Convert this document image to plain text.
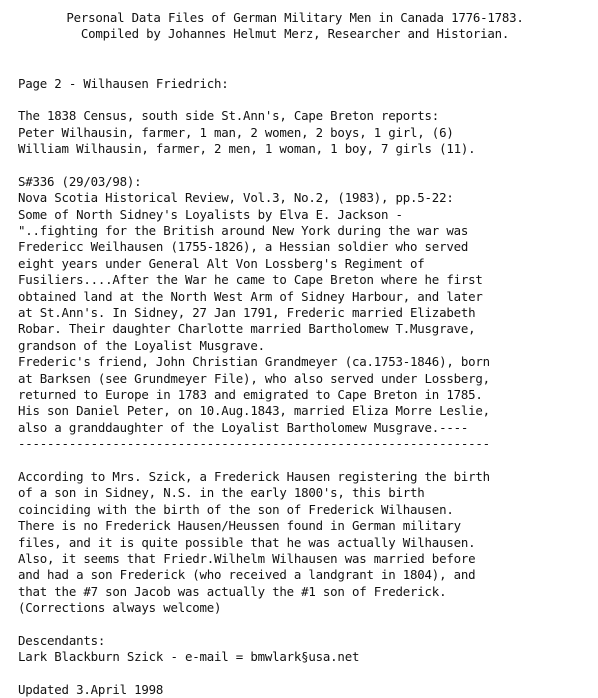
Personal Data Files of German Military Men in Canada 1776-1783.
Compiled by Johannes Helmut Merz, Researcher and Historian.
Page 2 - Wilhausen Friedrich:
The 1838 Census, south side St.Ann's, Cape Breton reports:
Peter Wilhausin, farmer, 1 man, 2 women, 2 boys, 1 girl, (6)
William Wilhausin, farmer, 2 men, 1 woman, 1 boy, 7 girls (11).
S#336 (29/03/98):
Nova Scotia Historical Review, Vol.3, No.2, (1983), pp.5-22:
Some of North Sidney's Loyalists by Elva E. Jackson -
"..fighting for the British around New York during the war was
Fredericc Weilhausen (1755-1826), a Hessian soldier who served
eight years under General Alt Von Lossberg's Regiment of
Fusiliers....After the War he came to Cape Breton where he first
obtained land at the North West Arm of Sidney Harbour, and later
at St.Ann's. In Sidney, 27 Jan 1791, Frederic married Elizabeth
Robar. Their daughter Charlotte married Bartholomew T.Musgrave,
grandson of the Loyalist Musgrave.
Frederic's friend, John Christian Grandmeyer (ca.1753-1846), born
at Barksen (see Grundmeyer File), who also served under Lossberg,
returned to Europe in 1783 and emigrated to Cape Breton in 1785.
His son Daniel Peter, on 10.Aug.1843, married Eliza Morre Leslie,
also a granddaughter of the Loyalist Bartholomew Musgrave.----
-----------------------------------------------------------------
According to Mrs. Szick, a Frederick Hausen registering the birth
of a son in Sidney, N.S. in the early 1800's, this birth
coinciding with the birth of the son of Frederick Wilhausen.
There is no Frederick Hausen/Heussen found in German military
files, and it is quite possible that he was actually Wilhausen.
Also, it seems that Friedr.Wilhelm Wilhausen was married before
and had a son Frederick (who received a landgrant in 1804), and
that the #7 son Jacob was actually the #1 son of Frederick.
(Corrections always welcome)
Descendants:
Lark Blackburn Szick - e-mail = bmwlark§usa.net
Updated 3.April 1998
